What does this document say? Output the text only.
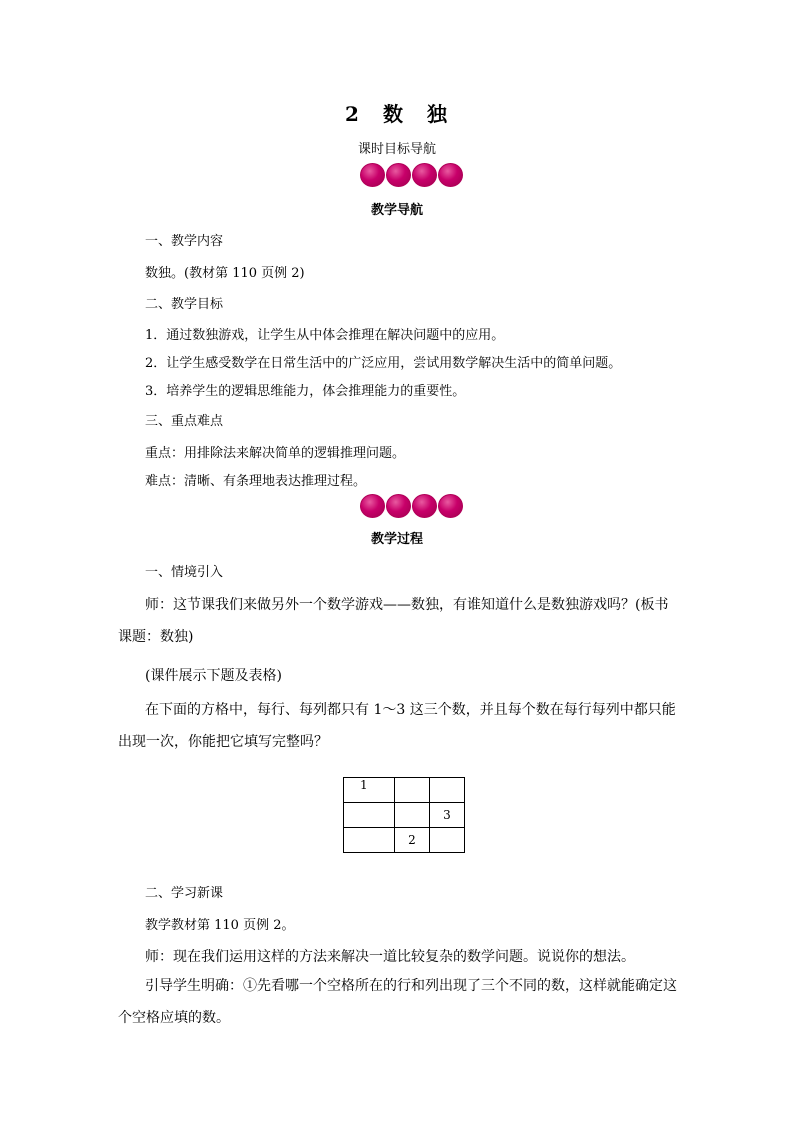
2　数　独
课时目标导航
教学导航
一、教学内容
数独。(教材第 110 页例 2)
二、教学目标
1．通过数独游戏，让学生从中体会推理在解决问题中的应用。
2．让学生感受数学在日常生活中的广泛应用，尝试用数学解决生活中的简单问题。
3．培养学生的逻辑思维能力，体会推理能力的重要性。
三、重点难点
重点：用排除法来解决简单的逻辑推理问题。
难点：清晰、有条理地表达推理过程。
教学过程
一、情境引入
师：这节课我们来做另外一个数学游戏——数独，有谁知道什么是数独游戏吗？(板书课题：数独)
(课件展示下题及表格)
在下面的方格中，每行、每列都只有 1～3 这三个数，并且每个数在每行每列中都只能出现一次，你能把它填写完整吗？
1		
		3
	2	
二、学习新课
教学教材第 110 页例 2。
师：现在我们运用这样的方法来解决一道比较复杂的数学问题。说说你的想法。
引导学生明确：①先看哪一个空格所在的行和列出现了三个不同的数，这样就能确定这个空格应填的数。
